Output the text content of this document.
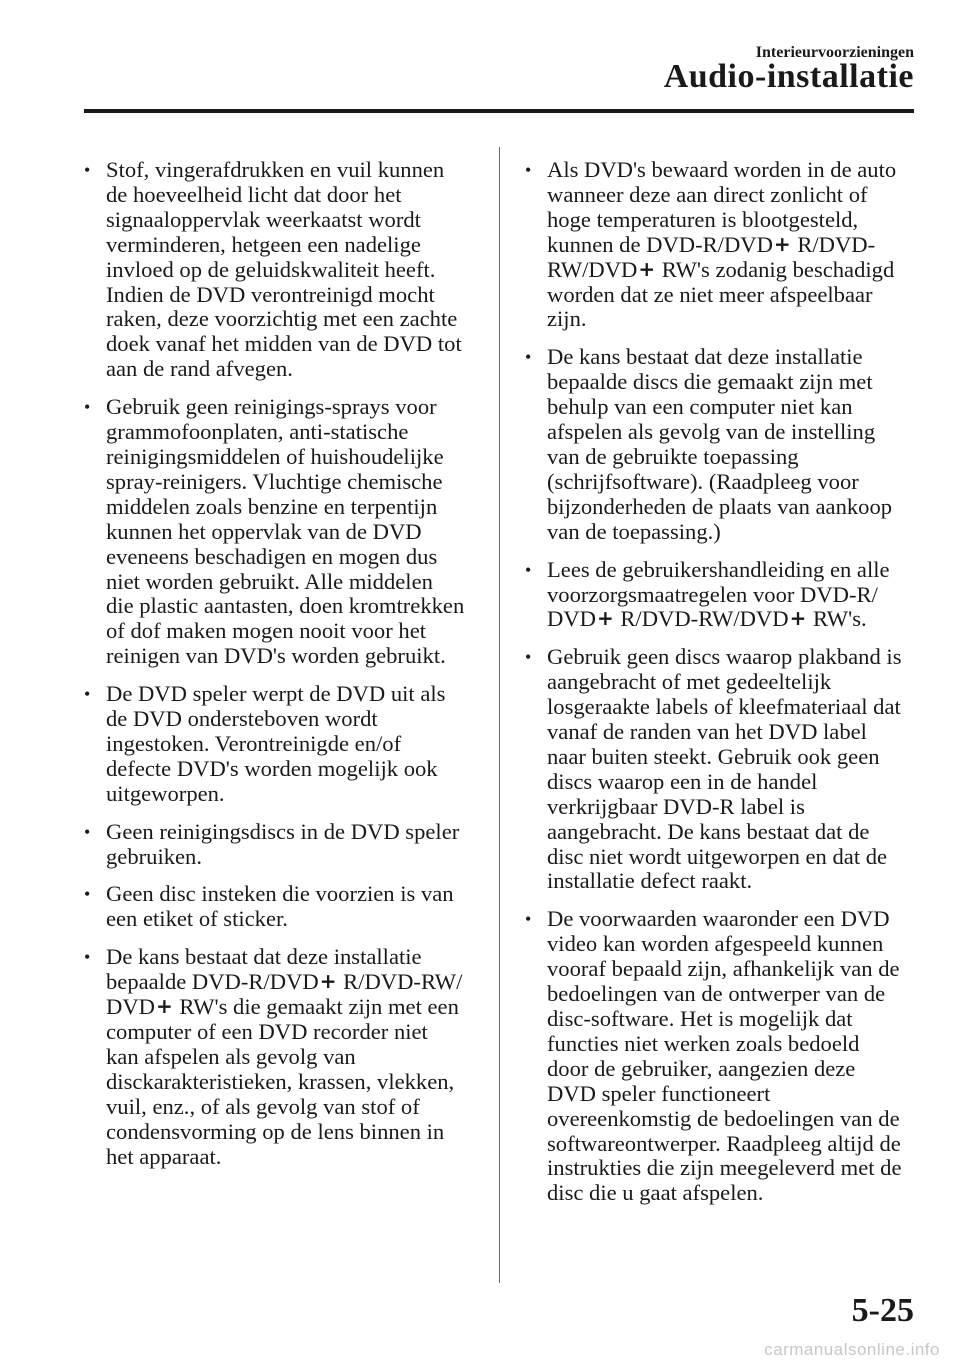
Interieurvoorzieningen
Audio-installatie
• Stof, vingerafdrukken en vuil kunnen
de hoeveelheid licht dat door het
signaaloppervlak weerkaatst wordt
verminderen, hetgeen een nadelige
invloed op de geluidskwaliteit heeft.
Indien de DVD verontreinigd mocht
raken, deze voorzichtig met een zachte
doek vanaf het midden van de DVD tot
aan de rand afvegen.
• Gebruik geen reinigings-sprays voor
grammofoonplaten, anti-statische
reinigingsmiddelen of huishoudelijke
spray-reinigers. Vluchtige chemische
middelen zoals benzine en terpentijn
kunnen het oppervlak van de DVD
eveneens beschadigen en mogen dus
niet worden gebruikt. Alle middelen
die plastic aantasten, doen kromtrekken
of dof maken mogen nooit voor het
reinigen van DVD's worden gebruikt.
• De DVD speler werpt de DVD uit als
de DVD ondersteboven wordt
ingestoken. Verontreinigde en/of
defecte DVD's worden mogelijk ook
uitgeworpen.
• Geen reinigingsdiscs in de DVD speler
gebruiken.
• Geen disc insteken die voorzien is van
een etiket of sticker.
• De kans bestaat dat deze installatie
bepaalde DVD-R/DVD+ R/DVD-RW/
DVD+ RW's die gemaakt zijn met een
computer of een DVD recorder niet
kan afspelen als gevolg van
disckarakteristieken, krassen, vlekken,
vuil, enz., of als gevolg van stof of
condensvorming op de lens binnen in
het apparaat.
• Als DVD's bewaard worden in de auto
wanneer deze aan direct zonlicht of
hoge temperaturen is blootgesteld,
kunnen de DVD-R/DVD+ R/DVD-
RW/DVD+ RW's zodanig beschadigd
worden dat ze niet meer afspeelbaar
zijn.
• De kans bestaat dat deze installatie
bepaalde discs die gemaakt zijn met
behulp van een computer niet kan
afspelen als gevolg van de instelling
van de gebruikte toepassing
(schrijfsoftware). (Raadpleeg voor
bijzonderheden de plaats van aankoop
van de toepassing.)
• Lees de gebruikershandleiding en alle
voorzorgsmaatregelen voor DVD-R/
DVD+ R/DVD-RW/DVD+ RW's.
• Gebruik geen discs waarop plakband is
aangebracht of met gedeeltelijk
losgeraakte labels of kleefmateriaal dat
vanaf de randen van het DVD label
naar buiten steekt. Gebruik ook geen
discs waarop een in de handel
verkrijgbaar DVD-R label is
aangebracht. De kans bestaat dat de
disc niet wordt uitgeworpen en dat de
installatie defect raakt.
• De voorwaarden waaronder een DVD
video kan worden afgespeeld kunnen
vooraf bepaald zijn, afhankelijk van de
bedoelingen van de ontwerper van de
disc-software. Het is mogelijk dat
functies niet werken zoals bedoeld
door de gebruiker, aangezien deze
DVD speler functioneert
overeenkomstig de bedoelingen van de
softwareontwerper. Raadpleeg altijd de
instrukties die zijn meegeleverd met de
disc die u gaat afspelen.
5-25
carmanualsonline.info
